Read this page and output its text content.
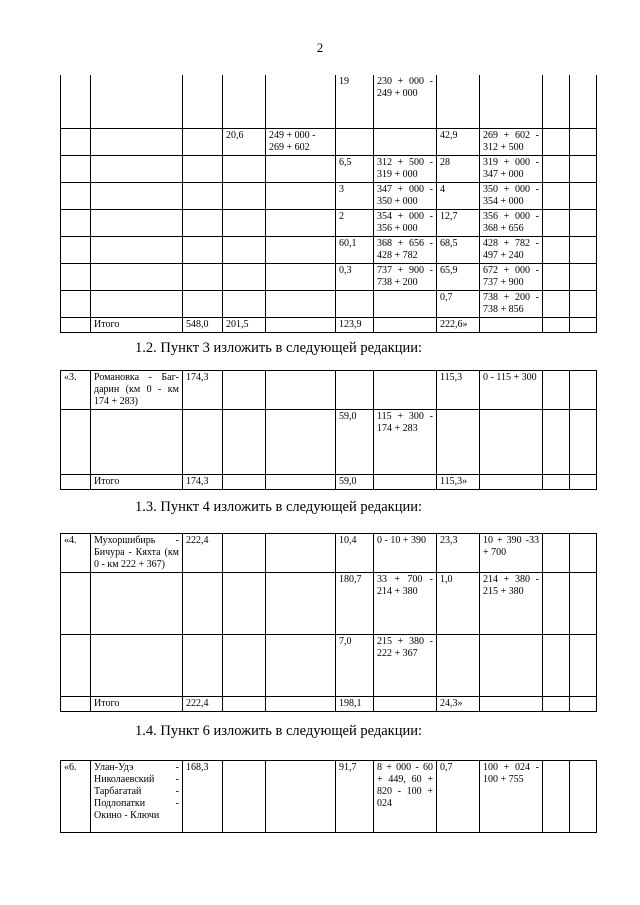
2
					19	230 + 000 - 249 + 000				
			20,6	249 + 000 - 269 + 602			42,9	269 + 602 - 312 + 500		
					6,5	312 + 500 - 319 + 000	28	319 + 000 - 347 + 000		
					3	347 + 000 - 350 + 000	4	350 + 000 - 354 + 000		
					2	354 + 000 - 356 + 000	12,7	356 + 000 - 368 + 656		
					60,1	368 + 656 - 428 + 782	68,5	428 + 782 - 497 + 240		
					0,3	737 + 900 - 738 + 200	65,9	672 + 000 - 737 + 900		
							0,7	738 + 200 - 738 + 856		
	Итого	548,0	201,5		123,9		222,6»			
1.2. Пункт 3 изложить в следующей редакции:
«3.	Романовка - Баг-дарин (км 0 - км 174 + 283)	174,3					115,3	0 - 115 + 300		
					59,0	115 + 300 - 174 + 283				
	Итого	174,3			59,0		115,3»			
1.3. Пункт 4 изложить в следующей редакции:
«4.	Мухоршибирь - Бичура - Кяхта (км 0 - км 222 + 367)	222,4			10,4	0 - 10 + 390	23,3	10 + 390 -33 + 700		
					180,7	33 + 700 - 214 + 380	1,0	214 + 380 - 215 + 380		
					7,0	215 + 380 - 222 + 367				
	Итого	222,4			198,1		24,3»			
1.4. Пункт 6 изложить в следующей редакции:
«6.	Улан-Удэ - Николаевский - Тарбагатай - Подлопатки - Окино - Ключи	168,3			91,7	8 + 000 - 60 + 449, 60 + 820 - 100 + 024	0,7	100 + 024 - 100 + 755		
